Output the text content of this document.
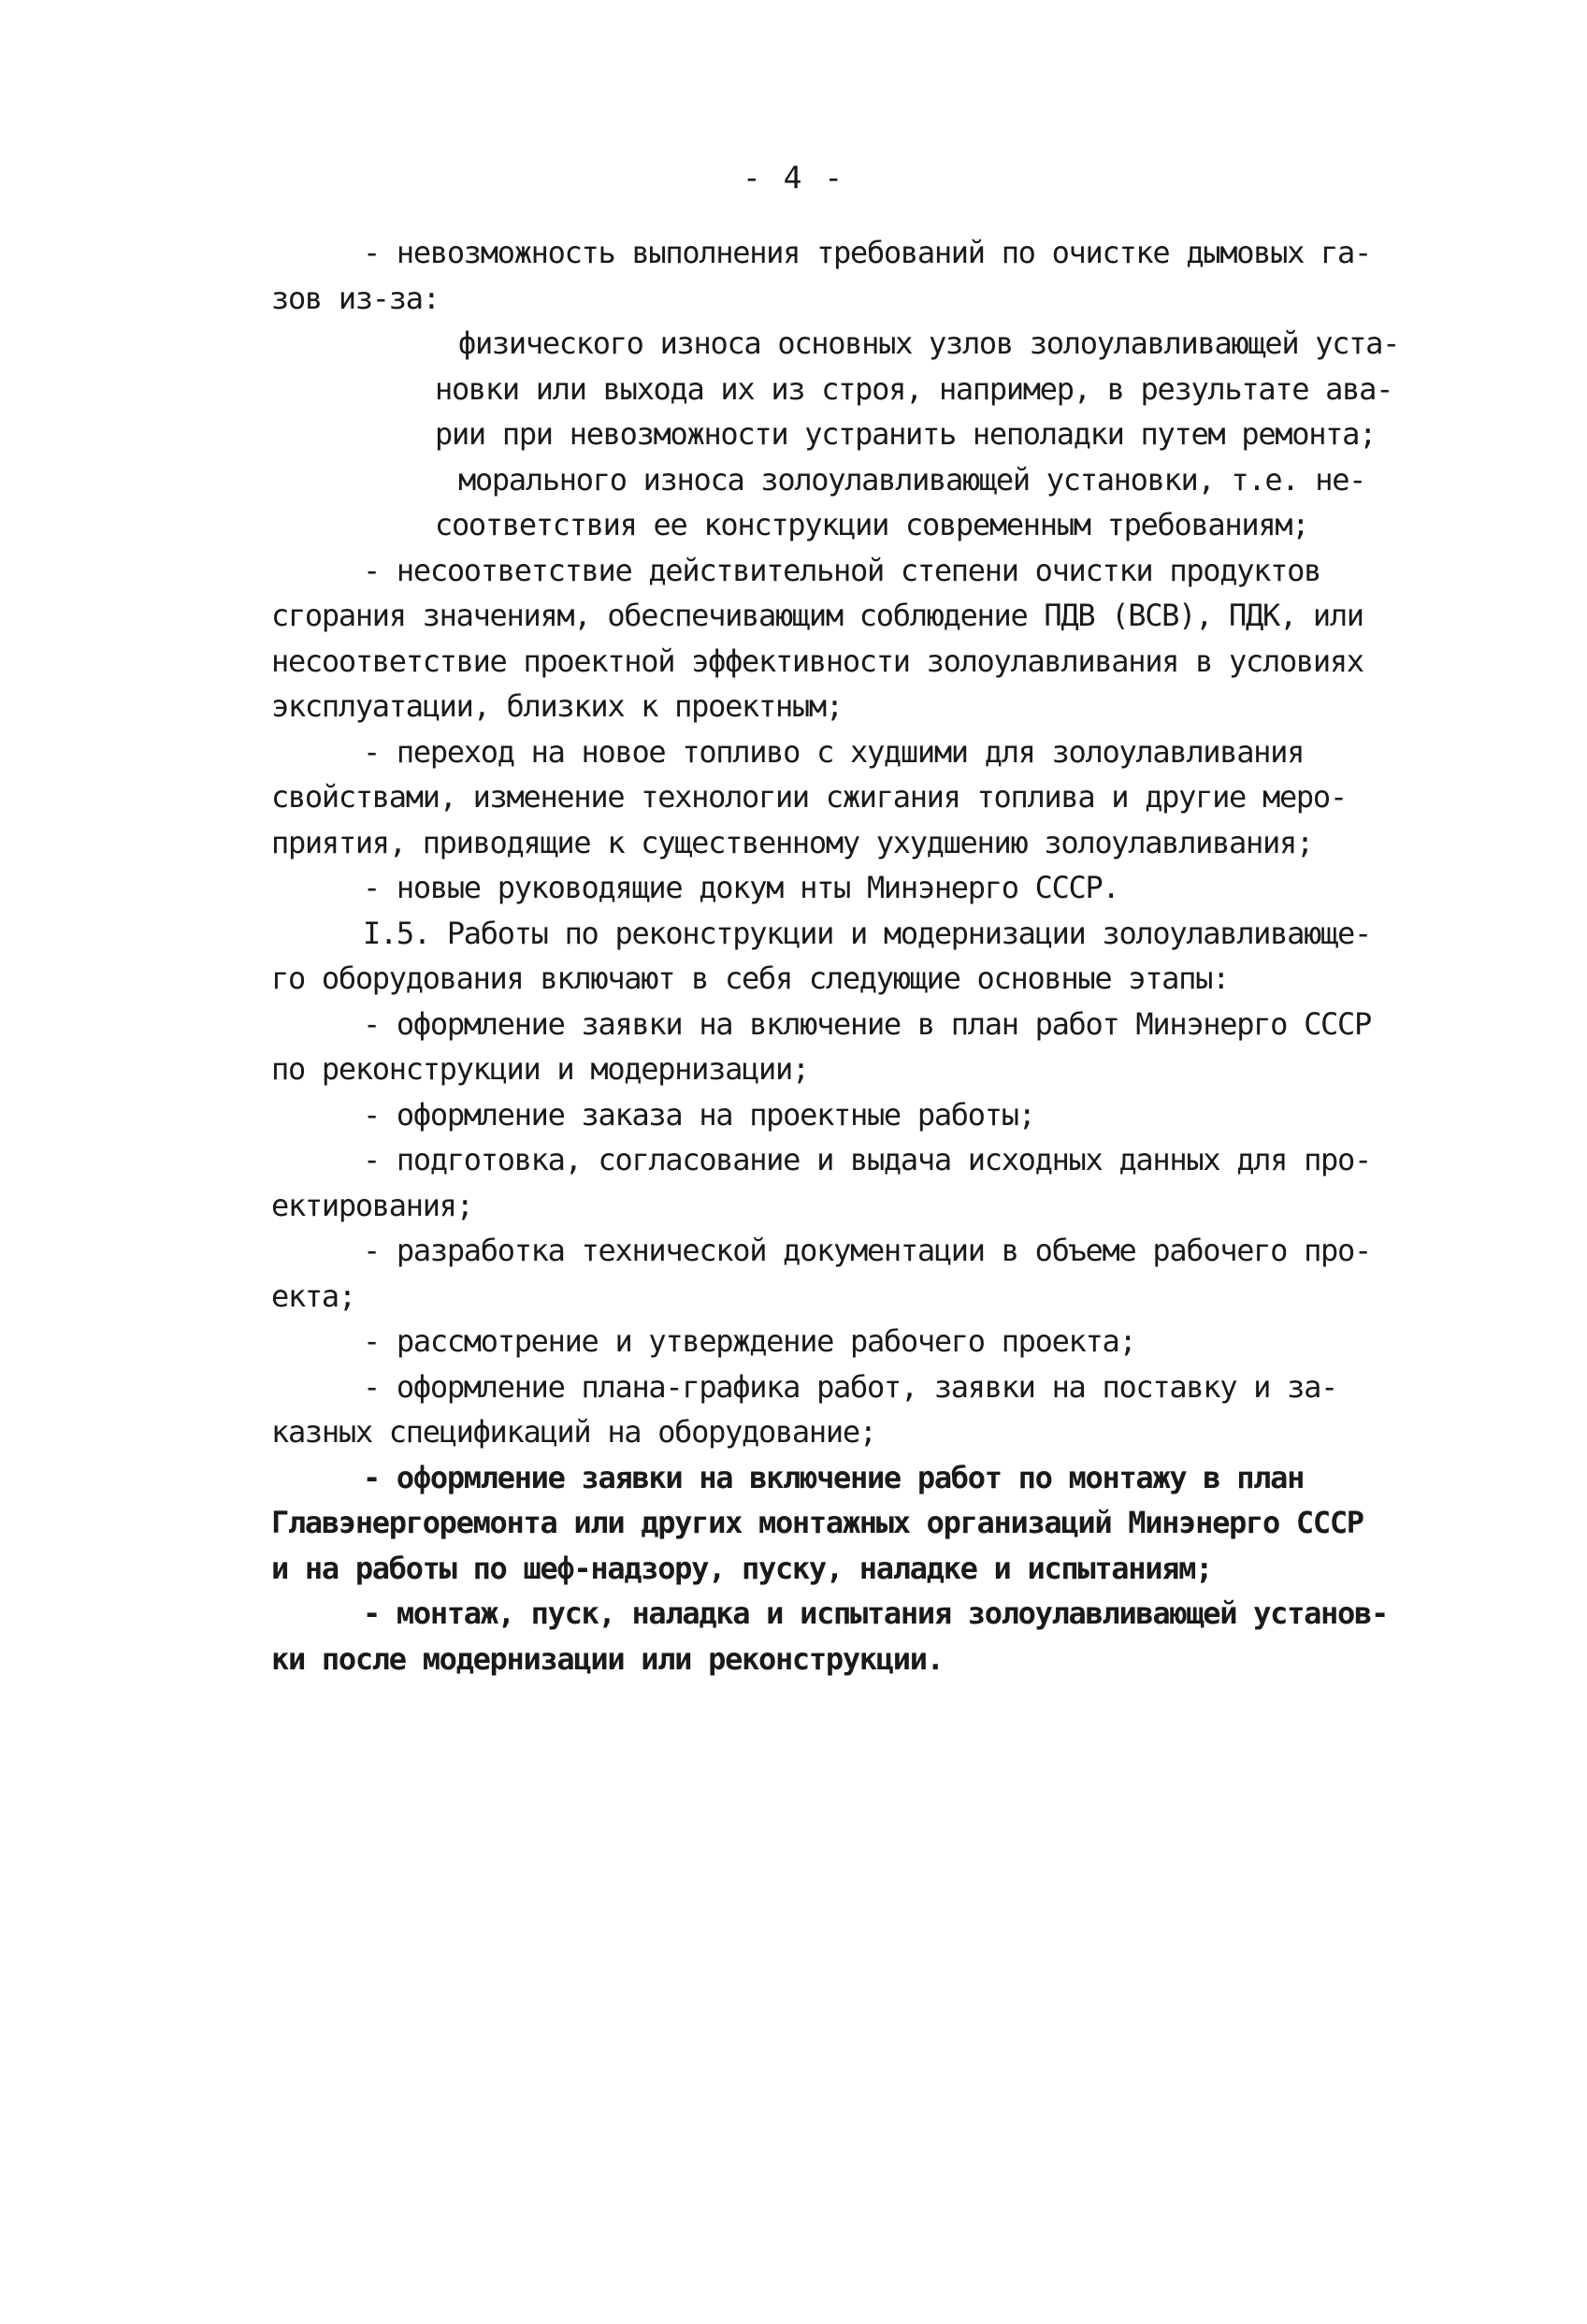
- 4 -
- невозможность выполнения требований по очистке дымовых га-
зов из-за:
физического износа основных узлов золоулавливающей уста-
новки или выхода их из строя, например, в результате ава-
рии при невозможности устранить неполадки путем ремонта;
морального износа золоулавливающей установки, т.е. не-
соответствия ее конструкции современным требованиям;
- несоответствие действительной степени очистки продуктов
сгорания значениям, обеспечивающим соблюдение ПДВ (ВСВ), ПДК, или
несоответствие проектной эффективности золоулавливания в условиях
эксплуатации, близких к проектным;
- переход на новое топливо с худшими для золоулавливания
свойствами, изменение технологии сжигания топлива и другие меро-
приятия, приводящие к существенному ухудшению золоулавливания;
- новые руководящие докум нты Минэнерго СССР.
I.5. Работы по реконструкции и модернизации золоулавливающе-
го оборудования включают в себя следующие основные этапы:
- оформление заявки на включение в план работ Минэнерго СССР
по реконструкции и модернизации;
- оформление заказа на проектные работы;
- подготовка, согласование и выдача исходных данных для про-
ектирования;
- разработка технической документации в объеме рабочего про-
екта;
- рассмотрение и утверждение рабочего проекта;
- оформление плана-графика работ, заявки на поставку и за-
казных спецификаций на оборудование;
- оформление заявки на включение работ по монтажу в план
Главэнергоремонта или других монтажных организаций Минэнерго СССР
и на работы по шеф-надзору, пуску, наладке и испытаниям;
- монтаж, пуск, наладка и испытания золоулавливающей установ-
ки после модернизации или реконструкции.
